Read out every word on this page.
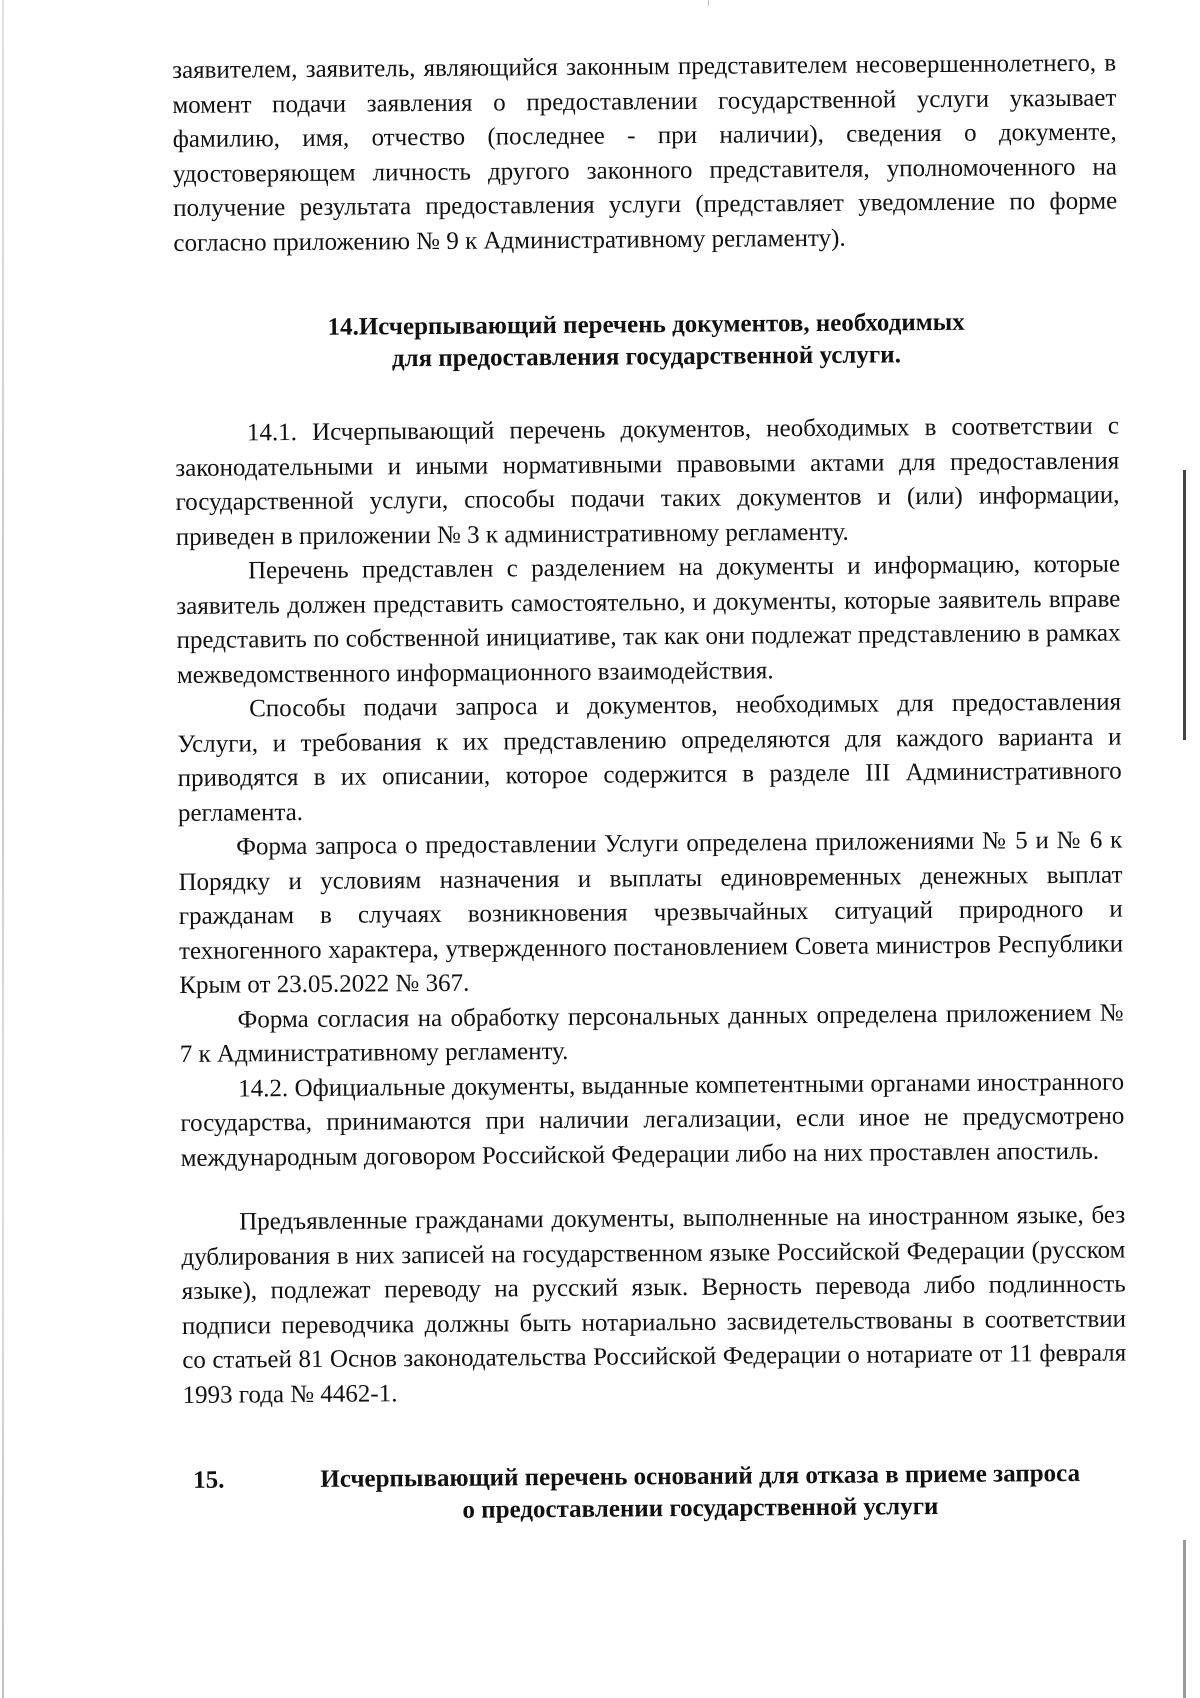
заявителем, заявитель, являющийся законным представителем несовершеннолетнего, в момент подачи заявления о предоставлении государственной услуги указывает фамилию, имя, отчество (последнее - при наличии), сведения о документе, удостоверяющем личность другого законного представителя, уполномоченного на получение результата предоставления услуги (представляет уведомление по форме согласно приложению № 9 к Административному регламенту).

14.Исчерпывающий перечень документов, необходимых
для предоставления государственной услуги.

14.1. Исчерпывающий перечень документов, необходимых в соответствии с законодательными и иными нормативными правовыми актами для предоставления государственной услуги, способы подачи таких документов и (или) информации, приведен в приложении № 3 к административному регламенту.

Перечень представлен с разделением на документы и информацию, которые заявитель должен представить самостоятельно, и документы, которые заявитель вправе представить по собственной инициативе, так как они подлежат представлению в рамках межведомственного информационного взаимодействия.

Способы подачи запроса и документов, необходимых для предоставления Услуги, и требования к их представлению определяются для каждого варианта и приводятся в их описании, которое содержится в разделе III Административного регламента.

Форма запроса о предоставлении Услуги определена приложениями № 5 и № 6 к Порядку и условиям назначения и выплаты единовременных денежных выплат гражданам в случаях возникновения чрезвычайных ситуаций природного и техногенного характера, утвержденного постановлением Совета министров Республики Крым от 23.05.2022 № 367.

Форма согласия на обработку персональных данных определена приложением № 7 к Административному регламенту.

14.2. Официальные документы, выданные компетентными органами иностранного государства, принимаются при наличии легализации, если иное не предусмотрено международным договором Российской Федерации либо на них проставлен апостиль.

Предъявленные гражданами документы, выполненные на иностранном языке, без дублирования в них записей на государственном языке Российской Федерации (русском языке), подлежат переводу на русский язык. Верность перевода либо подлинность подписи переводчика должны быть нотариально засвидетельствованы в соответствии со статьей 81 Основ законодательства Российской Федерации о нотариате от 11 февраля 1993 года № 4462-1.

15.	Исчерпывающий перечень оснований для отказа в приеме запроса
о предоставлении государственной услуги
